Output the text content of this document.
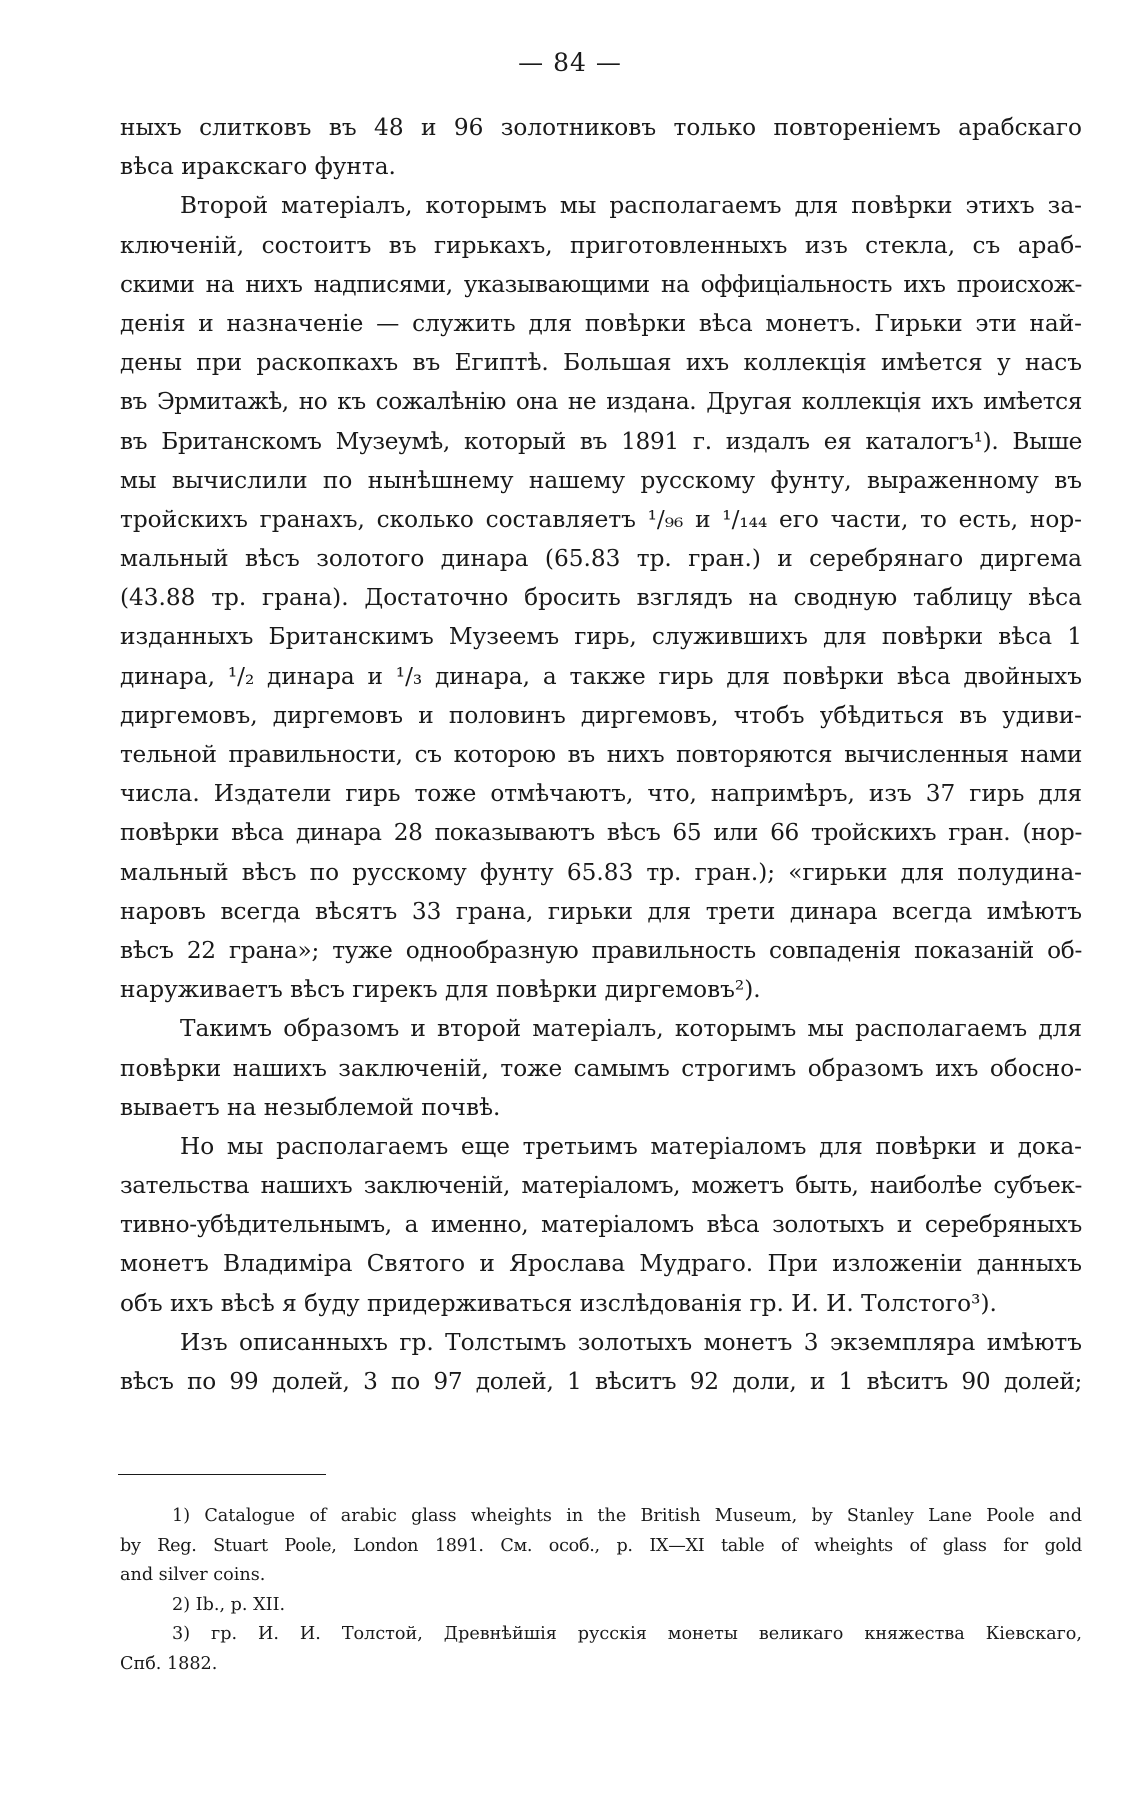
— 84 —
ныхъ слитковъ въ 48 и 96 золотниковъ только повтореніемъ арабскаго
вѣса иракскаго фунта.
Второй матеріалъ, которымъ мы располагаемъ для повѣрки этихъ за-
ключеній, состоитъ въ гирькахъ, приготовленныхъ изъ стекла, съ араб-
скими на нихъ надписями, указывающими на оффиціальность ихъ происхож-
денія и назначеніе — служить для повѣрки вѣса монетъ. Гирьки эти най-
дены при раскопкахъ въ Египтѣ. Большая ихъ коллекція имѣется у насъ
въ Эрмитажѣ, но къ сожалѣнію она не издана. Другая коллекція ихъ имѣется
въ Британскомъ Музеумѣ, который въ 1891 г. издалъ ея каталогъ¹). Выше
мы вычислили по нынѣшнему нашему русскому фунту, выраженному въ
тройскихъ гранахъ, сколько составляетъ ¹/₉₆ и ¹/₁₄₄ его части, то есть, нор-
мальный вѣсъ золотого динара (65.83 тр. гран.) и серебрянаго диргема
(43.88 тр. грана). Достаточно бросить взглядъ на сводную таблицу вѣса
изданныхъ Британскимъ Музеемъ гирь, служившихъ для повѣрки вѣса 1
динара, ¹/₂ динара и ¹/₃ динара, а также гирь для повѣрки вѣса двойныхъ
диргемовъ, диргемовъ и половинъ диргемовъ, чтобъ убѣдиться въ удиви-
тельной правильности, съ которою въ нихъ повторяются вычисленныя нами
числа. Издатели гирь тоже отмѣчаютъ, что, напримѣръ, изъ 37 гирь для
повѣрки вѣса динара 28 показываютъ вѣсъ 65 или 66 тройскихъ гран. (нор-
мальный вѣсъ по русскому фунту 65.83 тр. гран.); «гирьки для полудина-
наровъ всегда вѣсятъ 33 грана, гирьки для трети динара всегда имѣютъ
вѣсъ 22 грана»; туже однообразную правильность совпаденія показаній об-
наруживаетъ вѣсъ гирекъ для повѣрки диргемовъ²).
Такимъ образомъ и второй матеріалъ, которымъ мы располагаемъ для
повѣрки нашихъ заключеній, тоже самымъ строгимъ образомъ ихъ обосно-
вываетъ на незыблемой почвѣ.
Но мы располагаемъ еще третьимъ матеріаломъ для повѣрки и дока-
зательства нашихъ заключеній, матеріаломъ, можетъ быть, наиболѣе субъек-
тивно-убѣдительнымъ, а именно, матеріаломъ вѣса золотыхъ и серебряныхъ
монетъ Владиміра Святого и Ярослава Мудраго. При изложеніи данныхъ
объ ихъ вѣсѣ я буду придерживаться изслѣдованія гр. И. И. Толстого³).
Изъ описанныхъ гр. Толстымъ золотыхъ монетъ 3 экземпляра имѣютъ
вѣсъ по 99 долей, 3 по 97 долей, 1 вѣситъ 92 доли, и 1 вѣситъ 90 долей;
1) Catalogue of arabic glass wheights in the British Museum, by Stanley Lane Poole and
by Reg. Stuart Poole, London 1891. См. особ., p. IX—XI table of wheights of glass for gold
and silver coins.
2) Ib., p. XII.
3) гр. И. И. Толстой, Древнѣйшія русскія монеты великаго княжества Кіевскаго,
Спб. 1882.
